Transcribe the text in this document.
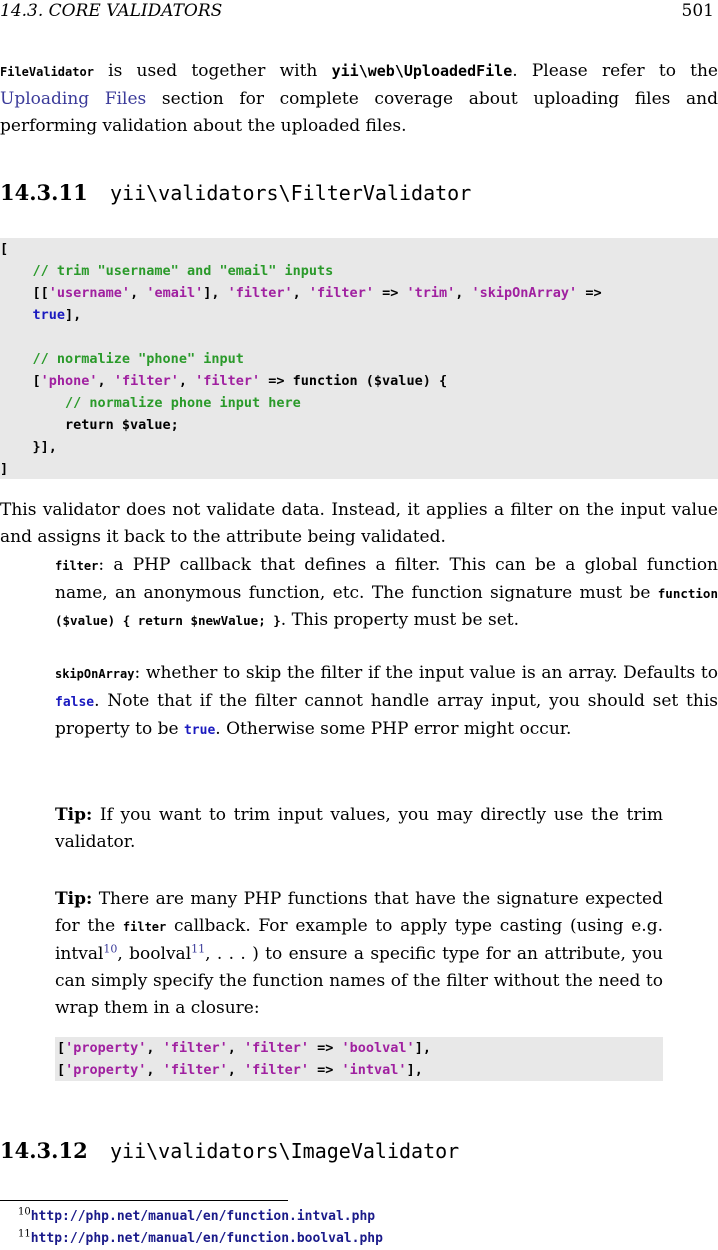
14.3. CORE VALIDATORS	501
FileValidator is used together with yii\web\UploadedFile. Please refer to the Uploading Files section for complete coverage about uploading files and performing validation about the uploaded files.
14.3.11 yii\validators\FilterValidator
[
// trim "username" and "email" inputs
[['username', 'email'], 'filter', 'filter' => 'trim', 'skipOnArray' =>
true],
// normalize "phone" input
['phone', 'filter', 'filter' => function ($value) {
// normalize phone input here
return $value;
}],
]
This validator does not validate data. Instead, it applies a filter on the input value and assigns it back to the attribute being validated.
filter: a PHP callback that defines a filter. This can be a global function name, an anonymous function, etc. The function signature must be function ($value) { return $newValue; }. This property must be set.
skipOnArray: whether to skip the filter if the input value is an array. Defaults to false. Note that if the filter cannot handle array input, you should set this property to be true. Otherwise some PHP error might occur.
Tip: If you want to trim input values, you may directly use the trim validator.
Tip: There are many PHP functions that have the signature expected for the filter callback. For example to apply type casting (using e.g. intval$^{10}$, boolval$^{11}$, . . . ) to ensure a specific type for an attribute, you can simply specify the function names of the filter without the need to wrap them in a closure:
['property', 'filter', 'filter' => 'boolval'],
['property', 'filter', 'filter' => 'intval'],
14.3.12 yii\validators\ImageValidator
$^{10}$http://php.net/manual/en/function.intval.php
$^{11}$http://php.net/manual/en/function.boolval.php
